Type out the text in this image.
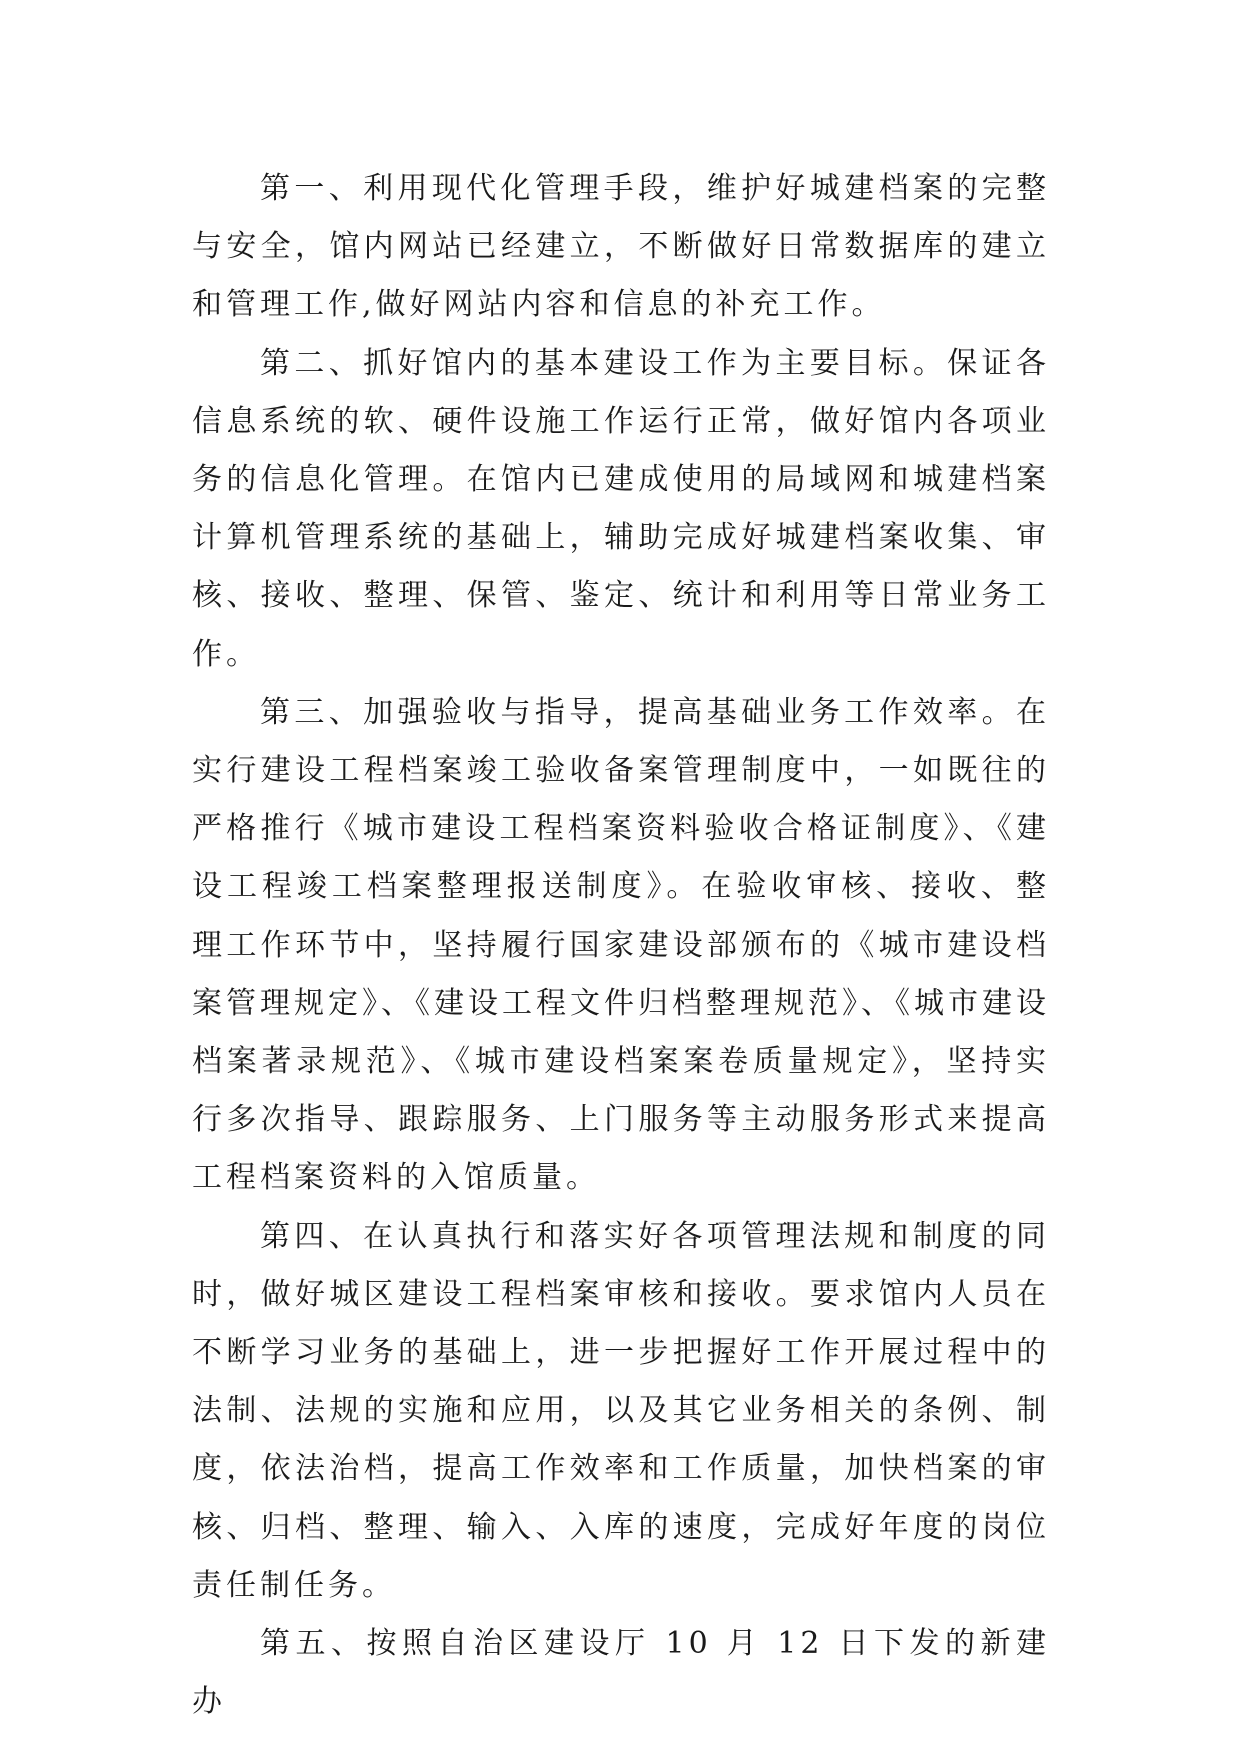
第一、利用现代化管理手段，维护好城建档案的完整与安全，馆内网站已经建立，不断做好日常数据库的建立和管理工作,做好网站内容和信息的补充工作。

第二、抓好馆内的基本建设工作为主要目标。保证各信息系统的软、硬件设施工作运行正常，做好馆内各项业务的信息化管理。在馆内已建成使用的局域网和城建档案计算机管理系统的基础上，辅助完成好城建档案收集、审核、接收、整理、保管、鉴定、统计和利用等日常业务工作。

第三、加强验收与指导，提高基础业务工作效率。在实行建设工程档案竣工验收备案管理制度中，一如既往的严格推行《城市建设工程档案资料验收合格证制度》、《建设工程竣工档案整理报送制度》。在验收审核、接收、整理工作环节中，坚持履行国家建设部颁布的《城市建设档案管理规定》、《建设工程文件归档整理规范》、《城市建设档案著录规范》、《城市建设档案案卷质量规定》，坚持实行多次指导、跟踪服务、上门服务等主动服务形式来提高工程档案资料的入馆质量。

第四、在认真执行和落实好各项管理法规和制度的同时，做好城区建设工程档案审核和接收。要求馆内人员在不断学习业务的基础上，进一步把握好工作开展过程中的法制、法规的实施和应用，以及其它业务相关的条例、制度，依法治档，提高工作效率和工作质量，加快档案的审核、归档、整理、输入、入库的速度，完成好年度的岗位责任制任务。

第五、按照自治区建设厅 10 月 12 日下发的新建办
